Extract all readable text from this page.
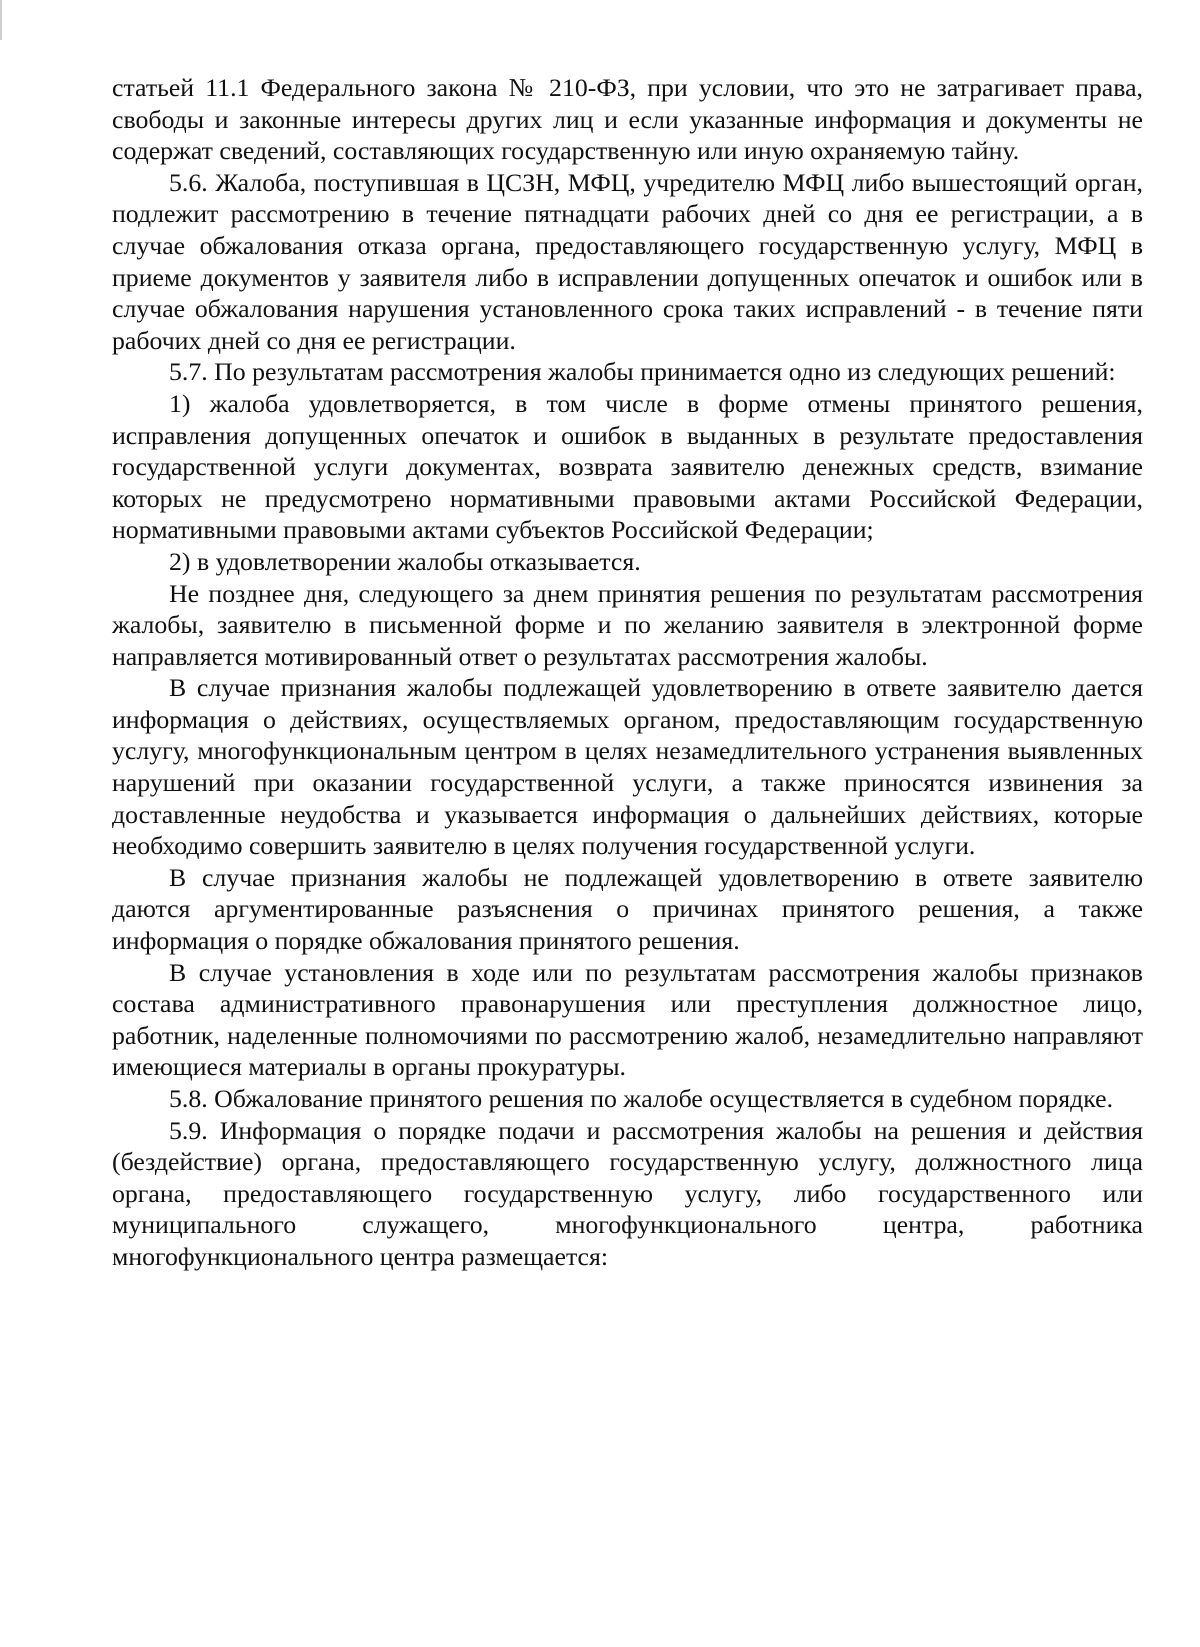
статьей 11.1 Федерального закона № 210-ФЗ, при условии, что это не затрагивает права, свободы и законные интересы других лиц и если указанные информация и документы не содержат сведений, составляющих государственную или иную охраняемую тайну.

5.6. Жалоба, поступившая в ЦСЗН, МФЦ, учредителю МФЦ либо вышестоящий орган, подлежит рассмотрению в течение пятнадцати рабочих дней со дня ее регистрации, а в случае обжалования отказа органа, предоставляющего государственную услугу, МФЦ в приеме документов у заявителя либо в исправлении допущенных опечаток и ошибок или в случае обжалования нарушения установленного срока таких исправлений - в течение пяти рабочих дней со дня ее регистрации.

5.7. По результатам рассмотрения жалобы принимается одно из следующих решений:

1) жалоба удовлетворяется, в том числе в форме отмены принятого решения, исправления допущенных опечаток и ошибок в выданных в результате предоставления государственной услуги документах, возврата заявителю денежных средств, взимание которых не предусмотрено нормативными правовыми актами Российской Федерации, нормативными правовыми актами субъектов Российской Федерации;

2) в удовлетворении жалобы отказывается.

Не позднее дня, следующего за днем принятия решения по результатам рассмотрения жалобы, заявителю в письменной форме и по желанию заявителя в электронной форме направляется мотивированный ответ о результатах рассмотрения жалобы.

В случае признания жалобы подлежащей удовлетворению в ответе заявителю дается информация о действиях, осуществляемых органом, предоставляющим государственную услугу, многофункциональным центром в целях незамедлительного устранения выявленных нарушений при оказании государственной услуги, а также приносятся извинения за доставленные неудобства и указывается информация о дальнейших действиях, которые необходимо совершить заявителю в целях получения государственной услуги.

В случае признания жалобы не подлежащей удовлетворению в ответе заявителю даются аргументированные разъяснения о причинах принятого решения, а также информация о порядке обжалования принятого решения.

В случае установления в ходе или по результатам рассмотрения жалобы признаков состава административного правонарушения или преступления должностное лицо, работник, наделенные полномочиями по рассмотрению жалоб, незамедлительно направляют имеющиеся материалы в органы прокуратуры.

5.8. Обжалование принятого решения по жалобе осуществляется в судебном порядке.

5.9. Информация о порядке подачи и рассмотрения жалобы на решения и действия (бездействие) органа, предоставляющего государственную услугу, должностного лица органа, предоставляющего государственную услугу, либо государственного или муниципального служащего, многофункционального центра, работника многофункционального центра размещается:
